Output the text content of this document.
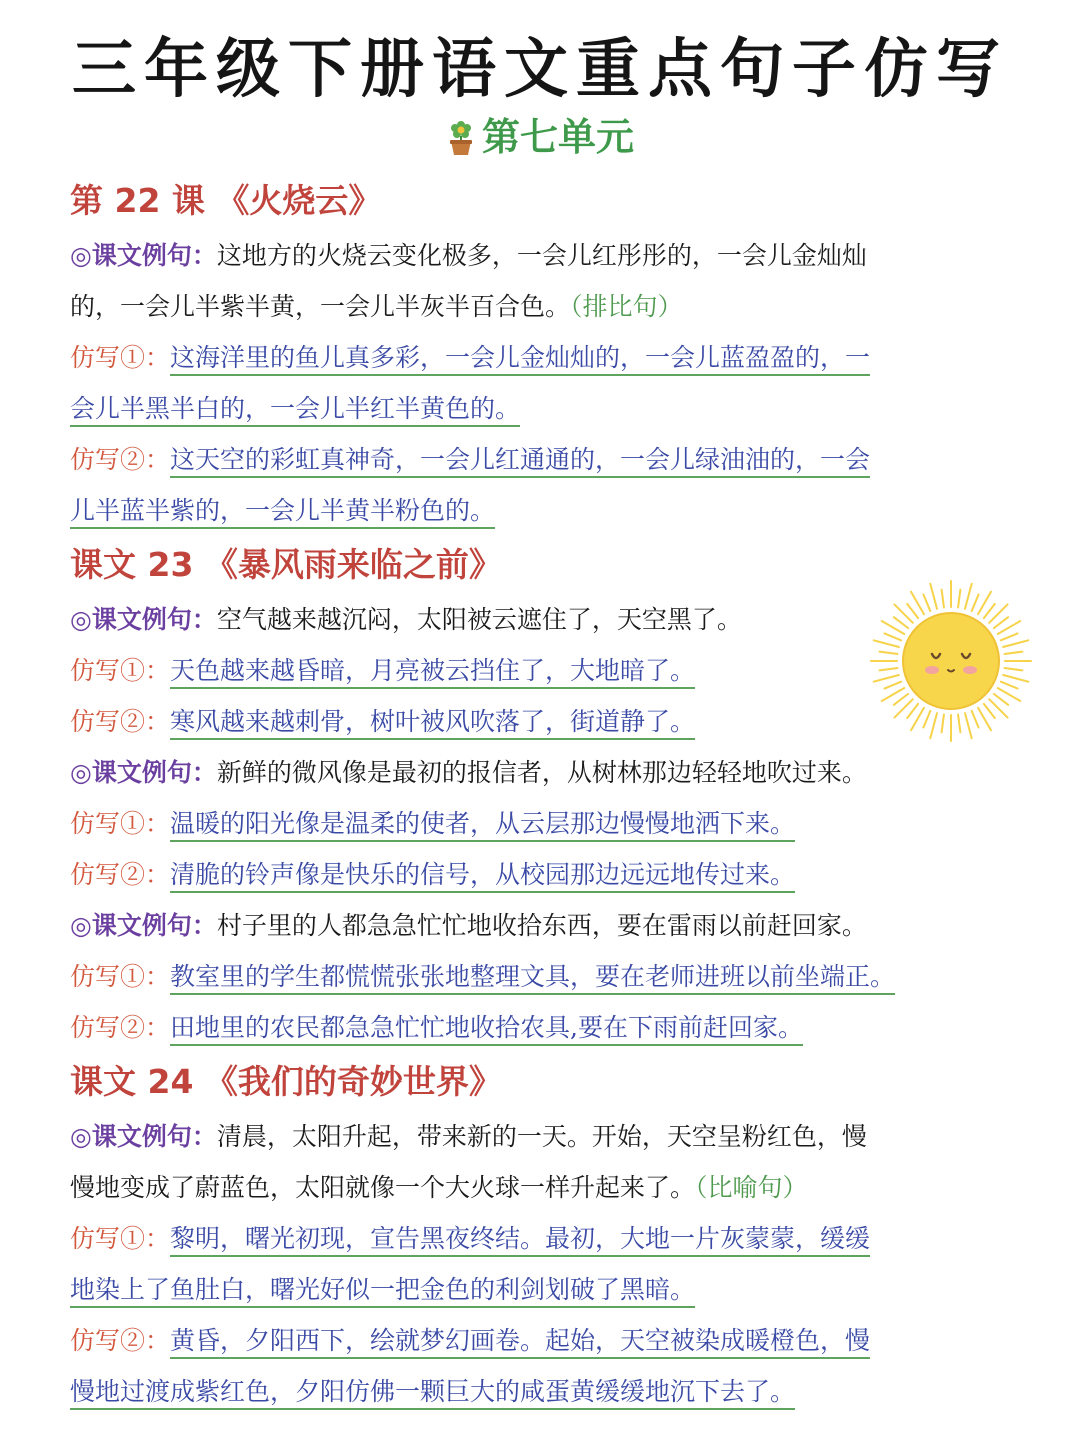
三年级下册语文重点句子仿写
第七单元
第 22 课 《火烧云》
◎课文例句：这地方的火烧云变化极多，一会儿红彤彤的，一会儿金灿灿
的，一会儿半紫半黄，一会儿半灰半百合色。（排比句）
仿写①：这海洋里的鱼儿真多彩，一会儿金灿灿的，一会儿蓝盈盈的，一
会儿半黑半白的，一会儿半红半黄色的。
仿写②：这天空的彩虹真神奇，一会儿红通通的，一会儿绿油油的，一会
儿半蓝半紫的，一会儿半黄半粉色的。
课文 23 《暴风雨来临之前》
◎课文例句：空气越来越沉闷，太阳被云遮住了，天空黑了。
仿写①：天色越来越昏暗，月亮被云挡住了，大地暗了。
仿写②：寒风越来越刺骨，树叶被风吹落了，街道静了。
◎课文例句：新鲜的微风像是最初的报信者，从树林那边轻轻地吹过来。
仿写①：温暖的阳光像是温柔的使者，从云层那边慢慢地洒下来。
仿写②：清脆的铃声像是快乐的信号，从校园那边远远地传过来。
◎课文例句：村子里的人都急急忙忙地收拾东西，要在雷雨以前赶回家。
仿写①：教室里的学生都慌慌张张地整理文具，要在老师进班以前坐端正。
仿写②：田地里的农民都急急忙忙地收拾农具,要在下雨前赶回家。
课文 24 《我们的奇妙世界》
◎课文例句：清晨，太阳升起，带来新的一天。开始，天空呈粉红色，慢
慢地变成了蔚蓝色，太阳就像一个大火球一样升起来了。（比喻句）
仿写①：黎明，曙光初现，宣告黑夜终结。最初，大地一片灰蒙蒙，缓缓
地染上了鱼肚白，曙光好似一把金色的利剑划破了黑暗。
仿写②：黄昏，夕阳西下，绘就梦幻画卷。起始，天空被染成暖橙色，慢
慢地过渡成紫红色，夕阳仿佛一颗巨大的咸蛋黄缓缓地沉下去了。
